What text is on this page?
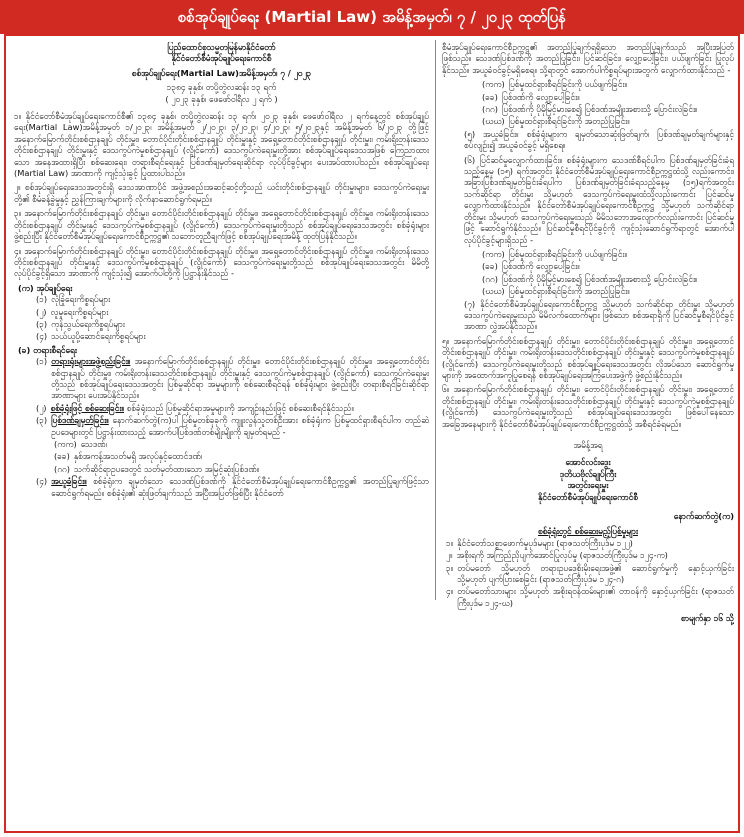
စစ်အုပ်ချုပ်ရေး (Martial Law) အမိန့်အမှတ်၊ ၇ / ၂၀၂၃ ထုတ်ပြန်

ပြည်ထောင်စုသမ္မတမြန်မာနိုင်ငံတော်

နိုင်ငံတော်စီမံအုပ်ချုပ်ရေးကောင်စီ

စစ်အုပ်ချုပ်ရေး(Martial Law)အမိန့်အမှတ်၊ ၇ / ၂၀၂၃

၁၃၈၄ ခုနှစ်၊ တပို့တွဲလဆန်း ၁၃ ရက်

( ၂၀၂၃ ခုနှစ်၊ ဖေဖော်ဝါရီလ ၂ ရက် )

၁။ နိုင်ငံတော်စီမံအုပ်ချုပ်ရေးကောင်စီ၏ ၁၃၈၄ ခုနှစ်၊ တပို့တွဲလဆန်း ၁၃ ရက်၊ ၂၀၂၃ ခုနှစ်၊ ဖေဖော်ဝါရီလ ၂ ရက်နေ့တွင် စစ်အုပ်ချုပ်ရေး(Martial Law)အမိန့်အမှတ် ၁/၂၀၂၃၊ အမိန့်အမှတ် ၂/၂၀၂၃၊ ၃/၂၀၂၃၊ ၄/၂၀၂၃၊ ၅/၂၀၂၃နှင့် အမိန့်အမှတ် ၆/၂၀၂၃ တို့ဖြင့် အနောက်မြောက်တိုင်းစစ်ဌာနချုပ် တိုင်းမှူး၊ တောင်ပိုင်းတိုင်းစစ်ဌာနချုပ် တိုင်းမှူးနှင့် အရှေ့တောင်တိုင်းစစ်ဌာနချုပ် တိုင်းမှူး၊ ကမ်းရိုးတန်းဒေသတိုင်းစစ်ဌာနချုပ် တိုင်းမှူးနှင့် ဒေသကွပ်ကဲမှုစစ်ဌာနချုပ် (လွိုင်ကော်) ဒေသကွပ်ကဲရေးမှူးတို့အား စစ်အုပ်ချုပ်ရေးဒေသအဖြစ် ကြေညာထားသော အနေအထားရှိပြီး စစ်ဆေးရေး၊ တရားစီရင်ရေးနှင့် ပြစ်ဒဏ်ချမှတ်ရေးဆိုင်ရာ လုပ်ပိုင်ခွင့်များ ပေးအပ်ထားပါသည်။ စစ်အုပ်ချုပ်ရေး (Martial Law) အာဏာကို ကျင့်သုံးခွင့် ပြုထားပါသည်။

၂။ စစ်အုပ်ချုပ်ရေးဒေသအတွင်းရှိ ဒေသအာဏာပိုင် အဖွဲ့အစည်းအဆင့်ဆင့်တို့သည် ယင်းတိုင်းစစ်ဌာနချုပ် တိုင်းမှူးများ၊ ဒေသကွပ်ကဲရေးမှူးတို့၏ စီမံခန့်ခွဲမှုနှင့် ညွှန်ကြားချက်များကို လိုက်နာဆောင်ရွက်ရမည်။

၃။ အနောက်မြောက်တိုင်းစစ်ဌာနချုပ် တိုင်းမှူး၊ တောင်ပိုင်းတိုင်းစစ်ဌာနချုပ် တိုင်းမှူး၊ အရှေ့တောင်တိုင်းစစ်ဌာနချုပ် တိုင်းမှူး၊ ကမ်းရိုးတန်းဒေသတိုင်းစစ်ဌာနချုပ် တိုင်းမှူးနှင့် ဒေသကွပ်ကဲမှုစစ်ဌာနချုပ် (လွိုင်ကော်) ဒေသကွပ်ကဲရေးမှူးတို့သည် စစ်အုပ်ချုပ်ရေးဒေသအတွင်း စစ်ခုံရုံးများ ဖွဲ့စည်းပြီး နိုင်ငံတော်စီမံအုပ်ချုပ်ရေးကောင်စီဥက္ကဋ္ဌ၏ သဘောတူညီချက်ဖြင့် စစ်အုပ်ချုပ်ရေးအမိန့် ထုတ်ပြန်နိုင်သည်။

၄။ အနောက်မြောက်တိုင်းစစ်ဌာနချုပ် တိုင်းမှူး၊ တောင်ပိုင်းတိုင်းစစ်ဌာနချုပ် တိုင်းမှူး၊ အရှေ့တောင်တိုင်းစစ်ဌာနချုပ် တိုင်းမှူး၊ ကမ်းရိုးတန်းဒေသတိုင်းစစ်ဌာနချုပ် တိုင်းမှူးနှင့် ဒေသကွပ်ကဲမှုစစ်ဌာနချုပ် (လွိုင်ကော်) ဒေသကွပ်ကဲရေးမှူးတို့သည် စစ်အုပ်ချုပ်ရေးဒေသအတွင်း မိမိတို့ လုပ်ပိုင်ခွင့်ရှိသော အာဏာကို ကျင့်သုံး၍ အောက်ပါတို့ကို ပြဋ္ဌာန်းနိုင်သည် -

(က) အုပ်ချုပ်ရေး
(၁) လုံခြုံရေးကိစ္စရပ်များ
(၂) လူမှုရေးကိစ္စရပ်များ
(၃) ကုန်သွယ်ရေးကိစ္စရပ်များ
(၄) သယ်ယူပို့ဆောင်ရေးကိစ္စရပ်များ
(ခ) တရားစီရင်ရေး
(၁) တရားရုံးများအဖွဲ့စည်းခြင်း။ အနောက်မြောက်တိုင်းစစ်ဌာနချုပ် တိုင်းမှူး၊ တောင်ပိုင်းတိုင်းစစ်ဌာနချုပ် တိုင်းမှူး၊ အရှေ့တောင်တိုင်းစစ်ဌာနချုပ် တိုင်းမှူး၊ ကမ်းရိုးတန်းဒေသတိုင်းစစ်ဌာနချုပ် တိုင်းမှူးနှင့် ဒေသကွပ်ကဲမှုစစ်ဌာနချုပ် (လွိုင်ကော်) ဒေသကွပ်ကဲရေးမှူးတို့သည် စစ်အုပ်ချုပ်ရေးဒေသအတွင်း ပြစ်မှုဆိုင်ရာ အမှုများကို စစ်ဆေးစီရင်ရန် စစ်ခုံရုံးများ ဖွဲ့စည်းပြီး တရားစီရင်ခြင်းဆိုင်ရာ အာဏာများ ပေးအပ်နိုင်သည်။
(၂) စစ်ခုံရုံးဖြင့် စစ်ဆေးခြင်း။ စစ်ခုံရုံးသည် ပြစ်မှုဆိုင်ရာအမှုများကို အကျဉ်းနည်းဖြင့် စစ်ဆေးစီရင်နိုင်သည်။
(၃) ပြစ်ဒဏ်ချမှတ်ခြင်း။ နောက်ဆက်တွဲ(က)ပါ ပြစ်မှုတစ်ခုခုကို ကျူးလွန်သူတစ်ဦးအား စစ်ခုံရုံးက ပြစ်မှုထင်ရှားစီရင်ပါက တည်ဆဲဥပဒေများတွင် ပြဋ္ဌာန်းထားသည့် အောက်ပါပြစ်ဒဏ်တစ်မျိုးမျိုးကို ချမှတ်ရမည် -
(ကက) သေဒဏ်၊
(ခခ) နှစ်အကန့်အသတ်မရှိ အလုပ်နှင့်ထောင်ဒဏ်၊
(ဂဂ) သက်ဆိုင်ရာဥပဒေတွင် သတ်မှတ်ထားသော အမြင့်ဆုံးပြစ်ဒဏ်။
(၄) အယူခံခြင်း။ စစ်ခုံရုံးက ချမှတ်သော သေဒဏ်ပြစ်ဒဏ်ကို နိုင်ငံတော်စီမံအုပ်ချုပ်ရေးကောင်စီဥက္ကဋ္ဌ၏ အတည်ပြုချက်ဖြင့်သာ ဆောင်ရွက်ရမည်။ စစ်ခုံရုံး၏ ဆုံးဖြတ်ချက်သည် အပြီးအပြတ်ဖြစ်ပြီး နိုင်ငံတော်

စီမံအုပ်ချုပ်ရေးကောင်စီဥက္ကဋ္ဌ၏ အတည်ပြုချက်ရရှိသော အတည်ပြုချက်သည် အပြီးအပြတ်ဖြစ်သည်။ သေဒဏ်ပြစ်ဒဏ်ကို အတည်ပြုခြင်း၊ ပြင်ဆင်ခြင်း၊ လျှော့ပေါ့ခြင်း၊ ပယ်ဖျက်ခြင်း ပြုလုပ်နိုင်သည်။ အယူခံဝင်ခွင့်မရှိစေရ။ သို့ရာတွင် အောက်ပါကိစ္စရပ်များအတွက် လျှောက်ထားနိုင်သည် -

(ကက) ပြစ်မှုထင်ရှားစီရင်ခြင်းကို ပယ်ဖျက်ခြင်း။
(ခခ) ပြစ်ဒဏ်ကို လျှော့ပေါ့ခြင်း။
(ဂဂ) ပြစ်ဒဏ်ကို ပိုမိုမြင့်မားစေ၍ ပြစ်ဒဏ်အမျိုးအစားသို့ ပြောင်းလဲခြင်း။
(ဃဃ) ပြစ်မှုထင်ရှားစီရင်ခြင်းကို အတည်ပြုခြင်း။

(၅) အယူခံခြင်း။ စစ်ခုံရုံးများက ချမှတ်သောဆုံးဖြတ်ချက်၊ ပြစ်ဒဏ်ချမှတ်ချက်များနှင့် စပ်လျဉ်း၍ အယူခံဝင်ခွင့် မရှိစေရ။

(၆) ပြင်ဆင်မှုလျှောက်ထားခြင်း။ စစ်ခုံရုံးများက သေဒဏ်စီရင်ပါက ပြစ်ဒဏ်ချမှတ်ခြင်းခံရသည့်နေ့မှ (၁၅) ရက်အတွင်း နိုင်ငံတော်စီမံအုပ်ချုပ်ရေးကောင်စီဥက္ကဋ္ဌထံသို့ လည်းကောင်း၊ အခြားပြစ်ဒဏ်ချမှတ်ခြင်းခံရပါက ပြစ်ဒဏ်ချမှတ်ခြင်းခံရသည့်နေ့မှ (၁၅)ရက်အတွင်း သက်ဆိုင်ရာ တိုင်းမှူး သို့မဟုတ် ဒေသကွပ်ကဲရေးမှူးထံသို့လည်းကောင်း ပြင်ဆင်မှုလျှောက်ထားနိုင်သည်။ နိုင်ငံတော်စီမံအုပ်ချုပ်ရေးကောင်စီဥက္ကဋ္ဌ သို့မဟုတ် သက်ဆိုင်ရာ တိုင်းမှူး သို့မဟုတ် ဒေသကွပ်ကဲရေးမှူးသည် မိမိသဘောအလျောက်လည်းကောင်း ပြင်ဆင်မှုဖြင့် ဆောင်ရွက်နိုင်သည်။ ပြင်ဆင်မှုစီရင်ပိုင်ခွင့်ကို ကျင့်သုံးဆောင်ရွက်ရာတွင် အောက်ပါလုပ်ပိုင်ခွင့်များရှိသည် -

(ကက) ပြစ်မှုထင်ရှားစီရင်ခြင်းကို ပယ်ဖျက်ခြင်း။
(ခခ) ပြစ်ဒဏ်ကို လျှော့ပေါ့ခြင်း။
(ဂဂ) ပြစ်ဒဏ်ကို ပိုမိုမြင့်မားစေ၍ ပြစ်ဒဏ်အမျိုးအစားသို့ ပြောင်းလဲခြင်း။
(ဃဃ) ပြစ်မှုထင်ရှားစီရင်ခြင်းကို အတည်ပြုခြင်း။

(၇) နိုင်ငံတော်စီမံအုပ်ချုပ်ရေးကောင်စီဥက္ကဋ္ဌ သို့မဟုတ် သက်ဆိုင်ရာ တိုင်းမှူး သို့မဟုတ် ဒေသကွပ်ကဲရေးမှူးသည် မိမိလက်ထောက်များ ဖြစ်သော စစ်အရာရှိကို ပြင်ဆင်မှုစီရင်ပိုင်ခွင့် အာဏာ လွှဲအပ်နိုင်သည်။

၅။ အနောက်မြောက်တိုင်းစစ်ဌာနချုပ် တိုင်းမှူး၊ တောင်ပိုင်းတိုင်းစစ်ဌာနချုပ် တိုင်းမှူး၊ အရှေ့တောင်တိုင်းစစ်ဌာနချုပ် တိုင်းမှူး၊ ကမ်းရိုးတန်းဒေသတိုင်းစစ်ဌာနချုပ် တိုင်းမှူးနှင့် ဒေသကွပ်ကဲမှုစစ်ဌာနချုပ် (လွိုင်ကော်) ဒေသကွပ်ကဲရေးမှူးတို့သည် စစ်အုပ်ချုပ်ရေးဒေသအတွင်း လိုအပ်သော ဆောင်ရွက်မှုများကို အထောက်အကူပြုစေရန် စစ်အုပ်ချုပ်ရေးအကြံပေးအဖွဲ့ကို ဖွဲ့စည်းနိုင်သည်။

၆။ အနောက်မြောက်တိုင်းစစ်ဌာနချုပ် တိုင်းမှူး၊ တောင်ပိုင်းတိုင်းစစ်ဌာနချုပ် တိုင်းမှူး၊ အရှေ့တောင်တိုင်းစစ်ဌာနချုပ် တိုင်းမှူး၊ ကမ်းရိုးတန်းဒေသတိုင်းစစ်ဌာနချုပ် တိုင်းမှူးနှင့် ဒေသကွပ်ကဲမှုစစ်ဌာနချုပ် (လွိုင်ကော်) ဒေသကွပ်ကဲရေးမှူးတို့သည် စစ်အုပ်ချုပ်ရေးဒေသအတွင်း ဖြစ်ပေါ်နေသော အခြေအနေများကို နိုင်ငံတော်စီမံအုပ်ချုပ်ရေးကောင်စီဥက္ကဋ္ဌထံသို့ အစီရင်ခံရမည်။

အမိန့်အရ

အောင်လင်းဒွေး

ဒုတိယဗိုလ်ချုပ်ကြီး

အတွင်းရေးမှူး

နိုင်ငံတော်စီမံအုပ်ချုပ်ရေးကောင်စီ

နောက်ဆက်တွဲ(က)

စစ်ခုံရုံးတွင် စစ်ဆေးမည့်ပြစ်မှုများ

၁။ နိုင်ငံတော်သစ္စာဖောက်မှုပုဒ်မများ (ရာဇသတ်ကြီးပုဒ်မ ၁၂၂)
၂။ အစိုးရကို အကြည်ညိုပျက်အောင်ပြုလုပ်မှု (ရာဇသတ်ကြီးပုဒ်မ ၁၂၄-က)
၃။ တပ်မတော် သို့မဟုတ် တရားဥပဒေစိုးမိုးရေးအဖွဲ့၏ ဆောင်ရွက်မှုကို နှောင့်ယှက်ခြင်း သို့မဟုတ် ပျက်ပြားစေခြင်း (ရာဇသတ်ကြီးပုဒ်မ ၁၂၄-ဂ)
၄။ တပ်မတော်သားများ သို့မဟုတ် အစိုးရဝန်ထမ်းများ၏ တာဝန်ကို နှောင့်ယှက်ခြင်း (ရာဇသတ်ကြီးပုဒ်မ ၁၂၄-ဃ)
စာမျက်နှာ ၁၆ သို့
